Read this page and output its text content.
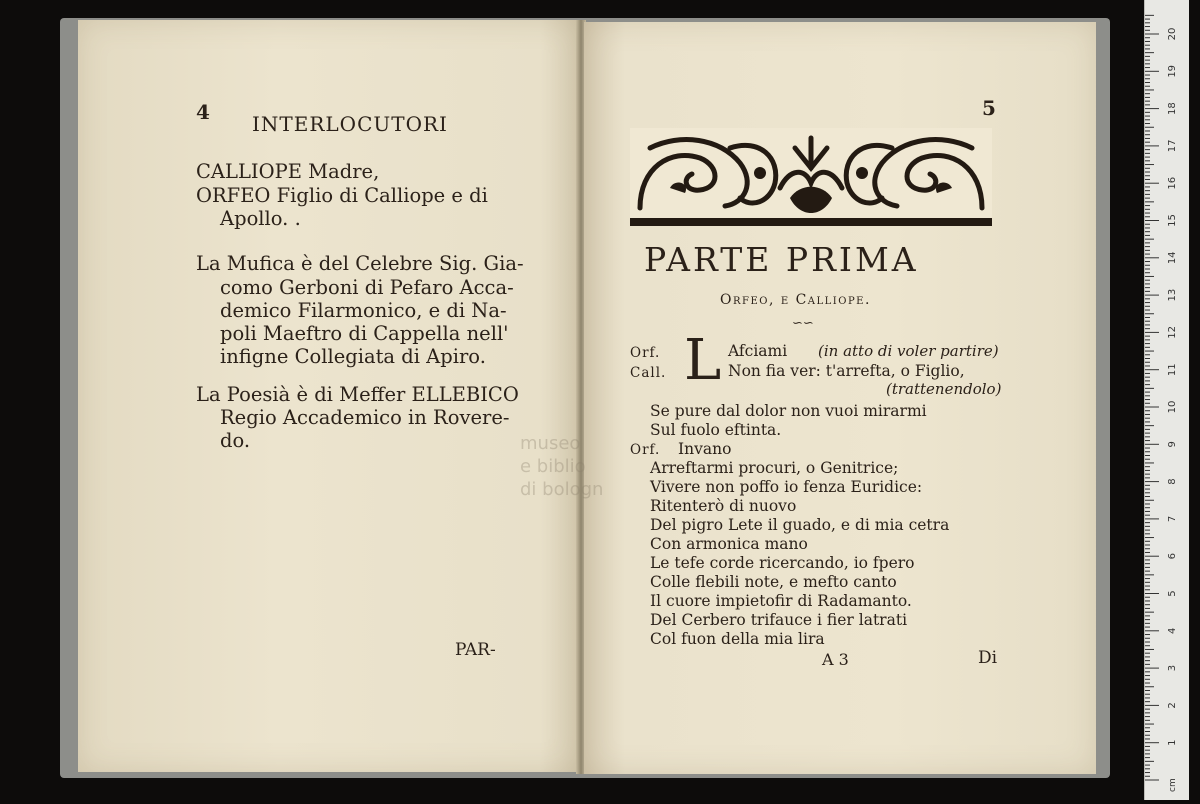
4 INTERLOCUTORI
CALLIOPE Madre,
ORFEO Figlio di Calliope e di
Apollo. .
La Mufica è del Celebre Sig. Gia-
como Gerboni di Pefaro Acca-
demico Filarmonico, e di Na-
poli Maeftro di Cappella nell'
infigne Collegiata di Apiro.
La Poesià è di Meffer ELLEBICO
Regio Accademico in Rovere-
do.
PAR-
museo
e biblio
di bologn
5
PARTE PRIMA
Orfeo, e Calliope.
∽∽
Orf.
Call. L Afciami (in atto di voler partire)
Non fia ver: t'arrefta, o Figlio,
(trattenendolo)
Se pure dal dolor non vuoi mirarmi
Sul fuolo eftinta.
Orf. Invano
Arreftarmi procuri, o Genitrice;
Vivere non poffo io fenza Euridice:
Ritenterò di nuovo
Del pigro Lete il guado, e di mia cetra
Con armonica mano
Le tefe corde ricercando, io fpero
Colle flebili note, e mefto canto
Il cuore impietofir di Radamanto.
Del Cerbero trifauce i fier latrati
Col fuon della mia lira
A 3	Di
cm
1
2
3
4
5
6
7
8
9
10
11
12
13
14
15
16
17
18
19
20
